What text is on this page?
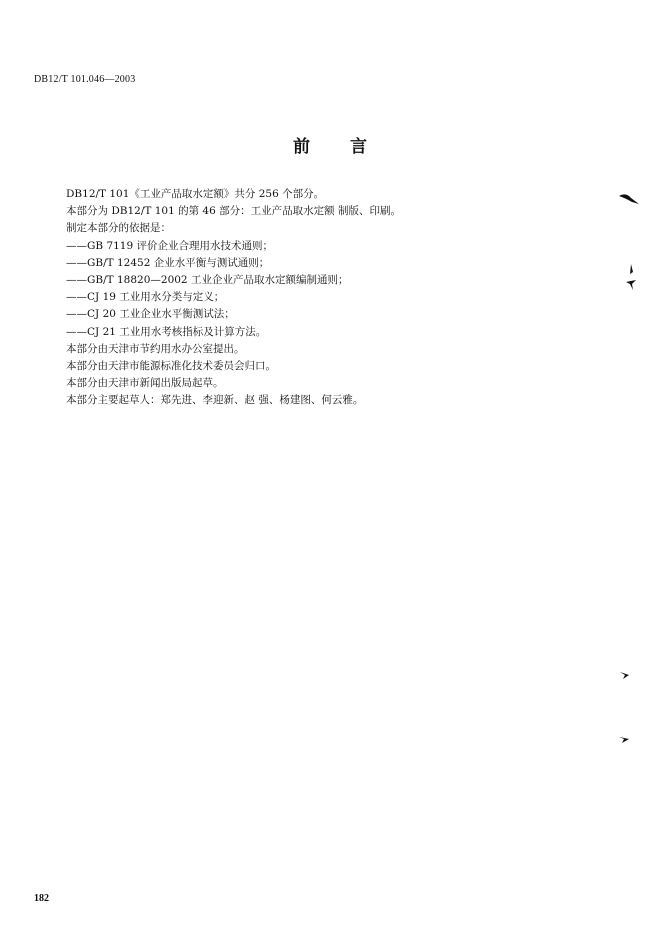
DB12/T 101.046—2003
前 言
DB12/T 101《工业产品取水定额》共分 256 个部分。
本部分为 DB12/T 101 的第 46 部分：工业产品取水定额 制版、印刷。
制定本部分的依据是：
——GB 7119 评价企业合理用水技术通则；
——GB/T 12452 企业水平衡与测试通则；
——GB/T 18820—2002 工业企业产品取水定额编制通则；
——CJ 19 工业用水分类与定义；
——CJ 20 工业企业水平衡测试法；
——CJ 21 工业用水考核指标及计算方法。
本部分由天津市节约用水办公室提出。
本部分由天津市能源标准化技术委员会归口。
本部分由天津市新闻出版局起草。
本部分主要起草人：郑先进、李迎新、赵 强、杨建图、何云雅。
182
